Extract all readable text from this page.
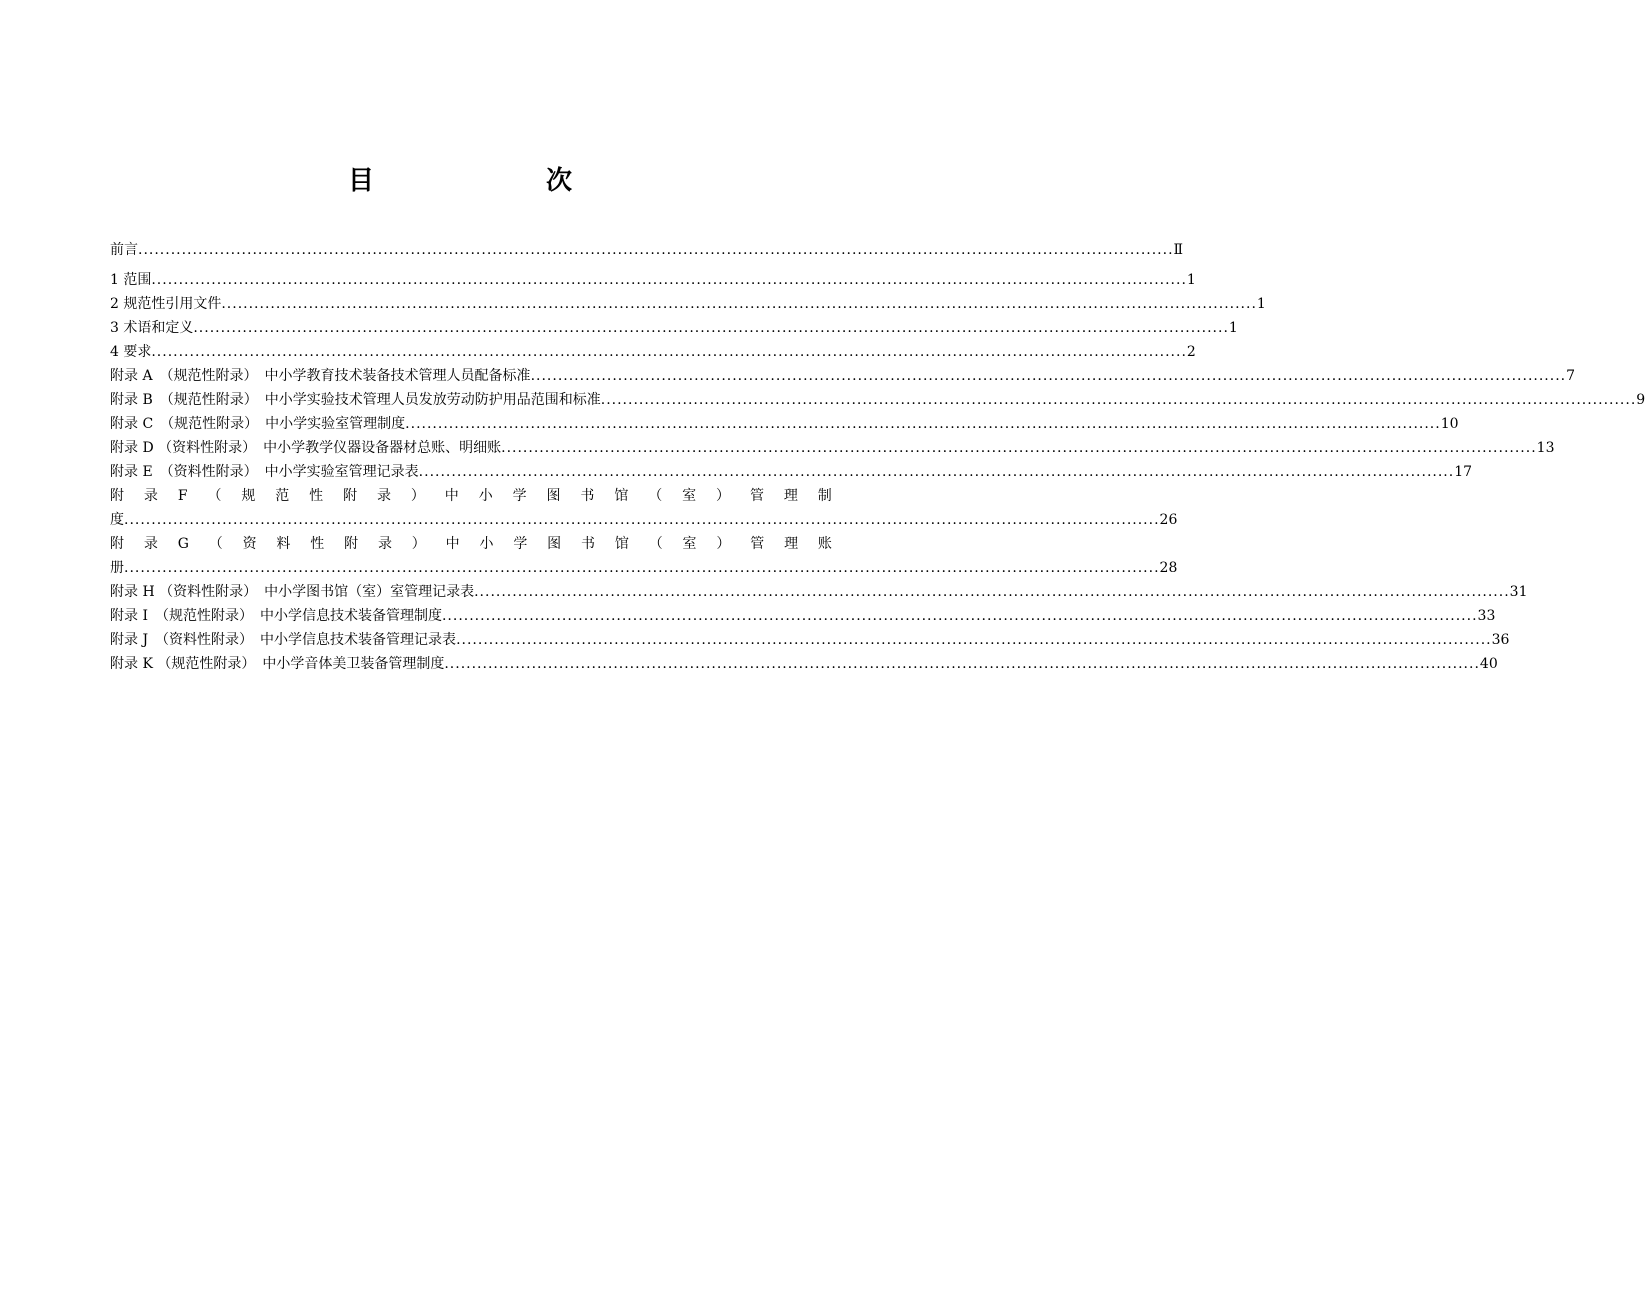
目　　次
前言 .............................................................................................................................................................................................. Ⅱ
1 范围 .............................................................................................................................................................................................. 1
2 规范性引用文件 .............................................................................................................................................................................................. 1
3 术语和定义 .............................................................................................................................................................................................. 1
4 要求 .............................................................................................................................................................................................. 2
附录 A　（规范性附录）　中小学教育技术装备技术管理人员配备标准 .............................................................................................................................................................................................. 7
附录 B　（规范性附录）　中小学实验技术管理人员发放劳动防护用品范围和标准 .............................................................................................................................................................................................. 9
附录 C　（规范性附录）　中小学实验室管理制度 .............................................................................................................................................................................................. 10
附录 D （资料性附录）　中小学教学仪器设备器材总账、明细账 .............................................................................................................................................................................................. 13
附录 E　（资料性附录）　中小学实验室管理记录表 .............................................................................................................................................................................................. 17
附 录 F （ 规 范 性 附 录 ） 中 小 学 图 书 馆 （ 室 ） 管 理 制
度 .............................................................................................................................................................................................. 26
附 录 G （ 资 料 性 附 录 ） 中 小 学 图 书 馆 （ 室 ） 管 理 账
册 .............................................................................................................................................................................................. 28
附录 H （资料性附录）　中小学图书馆（室）室管理记录表 .............................................................................................................................................................................................. 31
附录 I　（规范性附录）　中小学信息技术装备管理制度 .............................................................................................................................................................................................. 33
附录 J　（资料性附录）　中小学信息技术装备管理记录表 .............................................................................................................................................................................................. 36
附录 K （规范性附录）　中小学音体美卫装备管理制度 .............................................................................................................................................................................................. 40
